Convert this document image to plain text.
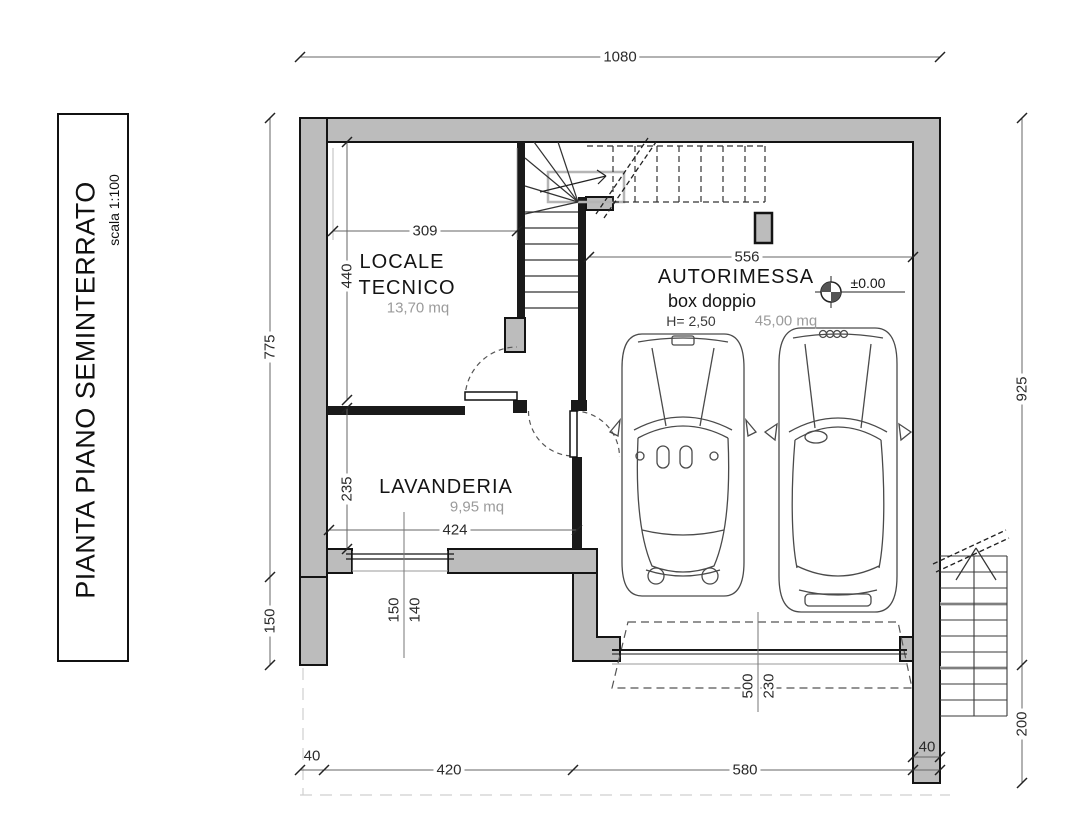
PIANTA PIANO SEMINTERRATO scala 1:100
1080
775
150
925
200
40
420	580
40
309
440
235
424
556
150 140
500 230
LOCALE
TECNICO
13,70 mq
LAVANDERIA
9,95 mq
AUTORIMESSA
box doppio
H= 2,50	45,00 mq
±0.00
